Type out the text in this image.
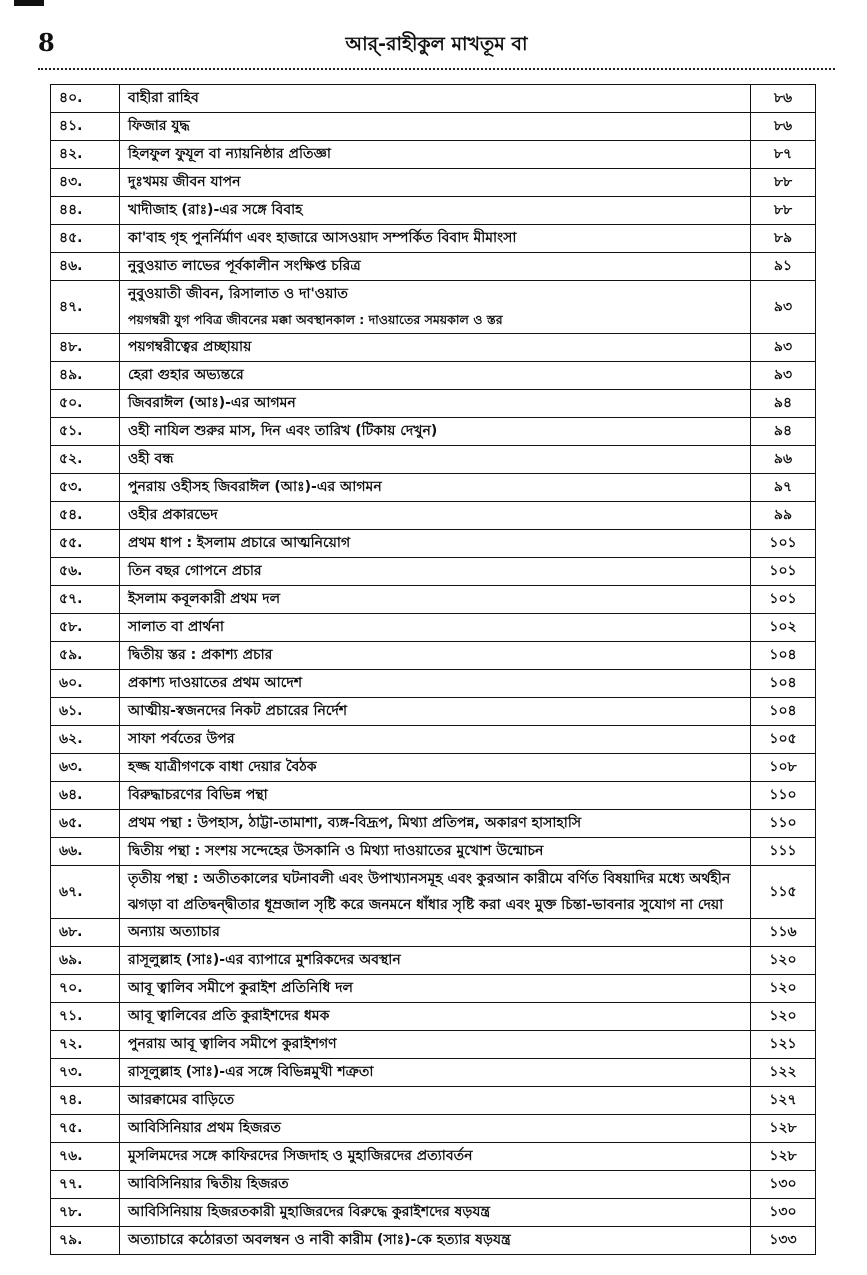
8	আর্-রাহীকুল মাখতূম বা
৪০.	বাহীরা রাহিব	৮৬
৪১.	ফিজার যুদ্ধ	৮৬
৪২.	হিলফুল ফুযূল বা ন্যায়নিষ্ঠার প্রতিজ্ঞা	৮৭
৪৩.	দুঃখময় জীবন যাপন	৮৮
৪৪.	খাদীজাহ (রাঃ)-এর সঙ্গে বিবাহ	৮৮
৪৫.	কা'বাহ গৃহ পুনর্নির্মাণ এবং হাজারে আসওয়াদ সম্পর্কিত বিবাদ মীমাংসা	৮৯
৪৬.	নুবুওয়াত লাভের পূর্বকালীন সংক্ষিপ্ত চরিত্র	৯১
৪৭.	নুবুওয়াতী জীবন, রিসালাত ও দা'ওয়াত
পয়গম্বরী যুগ পবিত্র জীবনের মক্কা অবস্থানকাল : দাওয়াতের সময়কাল ও স্তর	৯৩
৪৮.	পয়গম্বরীত্বের প্রচ্ছায়ায়	৯৩
৪৯.	হেরা গুহার অভ্যন্তরে	৯৩
৫০.	জিবরাঈল (আঃ)-এর আগমন	৯৪
৫১.	ওহী নাযিল শুরুর মাস, দিন এবং তারিখ (টিকায় দেখুন)	৯৪
৫২.	ওহী বন্ধ	৯৬
৫৩.	পুনরায় ওহীসহ জিবরাঈল (আঃ)-এর আগমন	৯৭
৫৪.	ওহীর প্রকারভেদ	৯৯
৫৫.	প্রথম ধাপ : ইসলাম প্রচারে আত্মনিয়োগ	১০১
৫৬.	তিন বছর গোপনে প্রচার	১০১
৫৭.	ইসলাম কবূলকারী প্রথম দল	১০১
৫৮.	সালাত বা প্রার্থনা	১০২
৫৯.	দ্বিতীয় স্তর : প্রকাশ্য প্রচার	১০৪
৬০.	প্রকাশ্য দাওয়াতের প্রথম আদেশ	১০৪
৬১.	আত্মীয়-স্বজনদের নিকট প্রচারের নির্দেশ	১০৪
৬২.	সাফা পর্বতের উপর	১০৫
৬৩.	হজ্জ যাত্রীগণকে বাধা দেয়ার বৈঠক	১০৮
৬৪.	বিরুদ্ধাচরণের বিভিন্ন পন্থা	১১০
৬৫.	প্রথম পন্থা : উপহাস, ঠাট্টা-তামাশা, ব্যঙ্গ-বিদ্রূপ, মিথ্যা প্রতিপন্ন, অকারণ হাসাহাসি	১১০
৬৬.	দ্বিতীয় পন্থা : সংশয় সন্দেহের উসকানি ও মিথ্যা দাওয়াতের মুখোশ উন্মোচন	১১১
৬৭.	তৃতীয় পন্থা : অতীতকালের ঘটনাবলী এবং উপাখ্যানসমূহ এবং কুরআন কারীমে বর্ণিত বিষয়াদির মধ্যে অর্থহীন
ঝগড়া বা প্রতিদ্বন্দ্বীতার ধূম্রজাল সৃষ্টি করে জনমনে ধাঁধার সৃষ্টি করা এবং মুক্ত চিন্তা-ভাবনার সুযোগ না দেয়া	১১৫
৬৮.	অন্যায় অত্যাচার	১১৬
৬৯.	রাসূলুল্লাহ (সাঃ)-এর ব্যাপারে মুশরিকদের অবস্থান	১২০
৭০.	আবূ ত্বালিব সমীপে কুরাইশ প্রতিনিধি দল	১২০
৭১.	আবূ ত্বালিবের প্রতি কুরাইশদের ধমক	১২০
৭২.	পুনরায় আবূ ত্বালিব সমীপে কুরাইশগণ	১২১
৭৩.	রাসূলুল্লাহ (সাঃ)-এর সঙ্গে বিভিন্নমুখী শত্রুতা	১২২
৭৪.	আরক্বামের বাড়িতে	১২৭
৭৫.	আবিসিনিয়ার প্রথম হিজরত	১২৮
৭৬.	মুসলিমদের সঙ্গে কাফিরদের সিজদাহ ও মুহাজিরদের প্রত্যাবর্তন	১২৮
৭৭.	আবিসিনিয়ার দ্বিতীয় হিজরত	১৩০
৭৮.	আবিসিনিয়ায় হিজরতকারী মুহাজিরদের বিরুদ্ধে কুরাইশদের ষড়যন্ত্র	১৩০
৭৯.	অত্যাচারে কঠোরতা অবলম্বন ও নাবী কারীম (সাঃ)-কে হত্যার ষড়যন্ত্র	১৩৩
